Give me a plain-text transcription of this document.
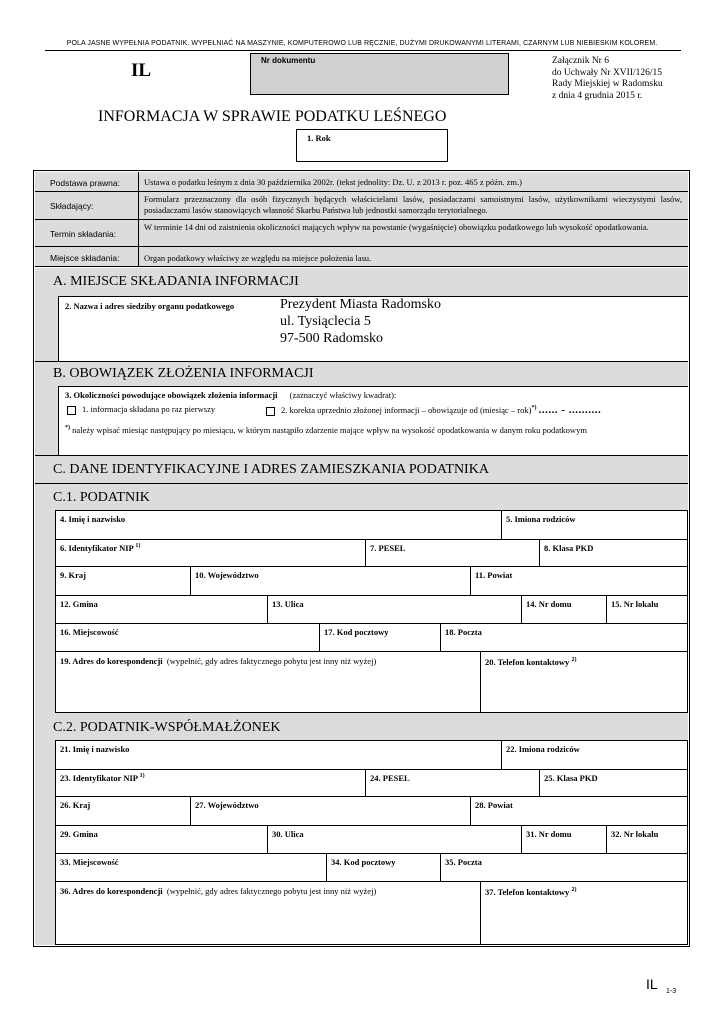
POLA JASNE WYPEŁNIA PODATNIK. WYPEŁNIAĆ NA MASZYNIE, KOMPUTEROWO LUB RĘCZNIE, DUŻYMI DRUKOWANYMI LITERAMI, CZARNYM LUB NIEBIESKIM KOLOREM.
IL	Nr dokumentu	Załącznik Nr 6
do Uchwały Nr XVII/126/15
Rady Miejskiej w Radomsku
z dnia 4 grudnia 2015 r.
INFORMACJA W SPRAWIE PODATKU LEŚNEGO
1. Rok
Podstawa prawna:	Ustawa o podatku leśnym z dnia 30 października 2002r. (tekst jednolity: Dz. U. z 2013 r. poz. 465 z późn. zm.)
Składający:
Formularz przeznaczony dla osób fizycznych będących właścicielami lasów, posiadaczami samoistnymi lasów, użytkownikami wieczystymi lasów, posiadaczami lasów stanowiących własność Skarbu Państwa lub jednostki samorządu terytorialnego.
Termin składania:
W terminie 14 dni od zaistnienia okoliczności mających wpływ na powstanie (wygaśnięcie) obowiązku podatkowego lub wysokość opodatkowania.
Miejsce składania:	Organ podatkowy właściwy ze względu na miejsce położenia lasu.
A. MIEJSCE SKŁADANIA INFORMACJI
2. Nazwa i adres siedziby organu podatkowego	Prezydent Miasta Radomsko
ul. Tysiąclecia 5
97-500 Radomsko
B. OBOWIĄZEK ZŁOŻENIA INFORMACJI
3. Okoliczności powodujące obowiązek złożenia informacji (zaznaczyć właściwy kwadrat):
1. informacja składana po raz pierwszy	2. korekta uprzednio złożonej informacji – obowiązuje od (miesiąc – rok)*) ...... - ..........
*) należy wpisać miesiąc następujący po miesiącu, w którym nastąpiło zdarzenie mające wpływ na wysokość opodatkowania w danym roku podatkowym
C. DANE IDENTYFIKACYJNE I ADRES ZAMIESZKANIA PODATNIKA
C.1. PODATNIK
4. Imię i nazwisko	5. Imiona rodziców
6. Identyfikator NIP $^{1)}$	7. PESEL	8. Klasa PKD
9. Kraj	10. Województwo	11. Powiat
12. Gmina	13. Ulica	14. Nr domu	15. Nr lokalu
16. Miejscowość	17. Kod pocztowy	18. Poczta
19. Adres do korespondencji (wypełnić, gdy adres faktycznego pobytu jest inny niż wyżej)	20. Telefon kontaktowy $^{2)}$
C.2. PODATNIK-WSPÓŁMAŁŻONEK
21. Imię i nazwisko	22. Imiona rodziców
23. Identyfikator NIP $^{1)}$	24. PESEL	25. Klasa PKD
26. Kraj	27. Województwo	28. Powiat
29. Gmina	30. Ulica	31. Nr domu	32. Nr lokalu
33. Miejscowość	34. Kod pocztowy	35. Poczta
36. Adres do korespondencji (wypełnić, gdy adres faktycznego pobytu jest inny niż wyżej)	37. Telefon kontaktowy $^{2)}$
IL 1-3
